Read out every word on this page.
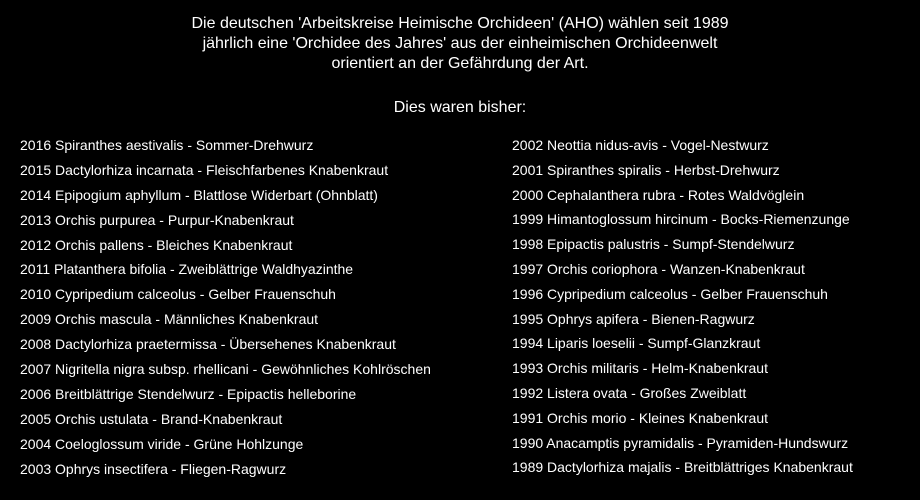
Die deutschen 'Arbeitskreise Heimische Orchideen' (AHO) wählen seit 1989
jährlich eine 'Orchidee des Jahres' aus der einheimischen Orchideenwelt
orientiert an der Gefährdung der Art.
Dies waren bisher:
2016 Spiranthes aestivalis - Sommer-Drehwurz
2015 Dactylorhiza incarnata - Fleischfarbenes Knabenkraut
2014 Epipogium aphyllum - Blattlose Widerbart (Ohnblatt)
2013 Orchis purpurea - Purpur-Knabenkraut
2012 Orchis pallens - Bleiches Knabenkraut
2011 Platanthera bifolia - Zweiblättrige Waldhyazinthe
2010 Cypripedium calceolus - Gelber Frauenschuh
2009 Orchis mascula - Männliches Knabenkraut
2008 Dactylorhiza praetermissa - Übersehenes Knabenkraut
2007 Nigritella nigra subsp. rhellicani - Gewöhnliches Kohlröschen
2006 Breitblättrige Stendelwurz - Epipactis helleborine
2005 Orchis ustulata - Brand-Knabenkraut
2004 Coeloglossum viride - Grüne Hohlzunge
2003 Ophrys insectifera - Fliegen-Ragwurz
2002 Neottia nidus-avis - Vogel-Nestwurz
2001 Spiranthes spiralis - Herbst-Drehwurz
2000 Cephalanthera rubra - Rotes Waldvöglein
1999 Himantoglossum hircinum - Bocks-Riemenzunge
1998 Epipactis palustris - Sumpf-Stendelwurz
1997 Orchis coriophora - Wanzen-Knabenkraut
1996 Cypripedium calceolus - Gelber Frauenschuh
1995 Ophrys apifera - Bienen-Ragwurz
1994 Liparis loeselii - Sumpf-Glanzkraut
1993 Orchis militaris - Helm-Knabenkraut
1992 Listera ovata - Großes Zweiblatt
1991 Orchis morio - Kleines Knabenkraut
1990 Anacamptis pyramidalis - Pyramiden-Hundswurz
1989 Dactylorhiza majalis - Breitblättriges Knabenkraut
